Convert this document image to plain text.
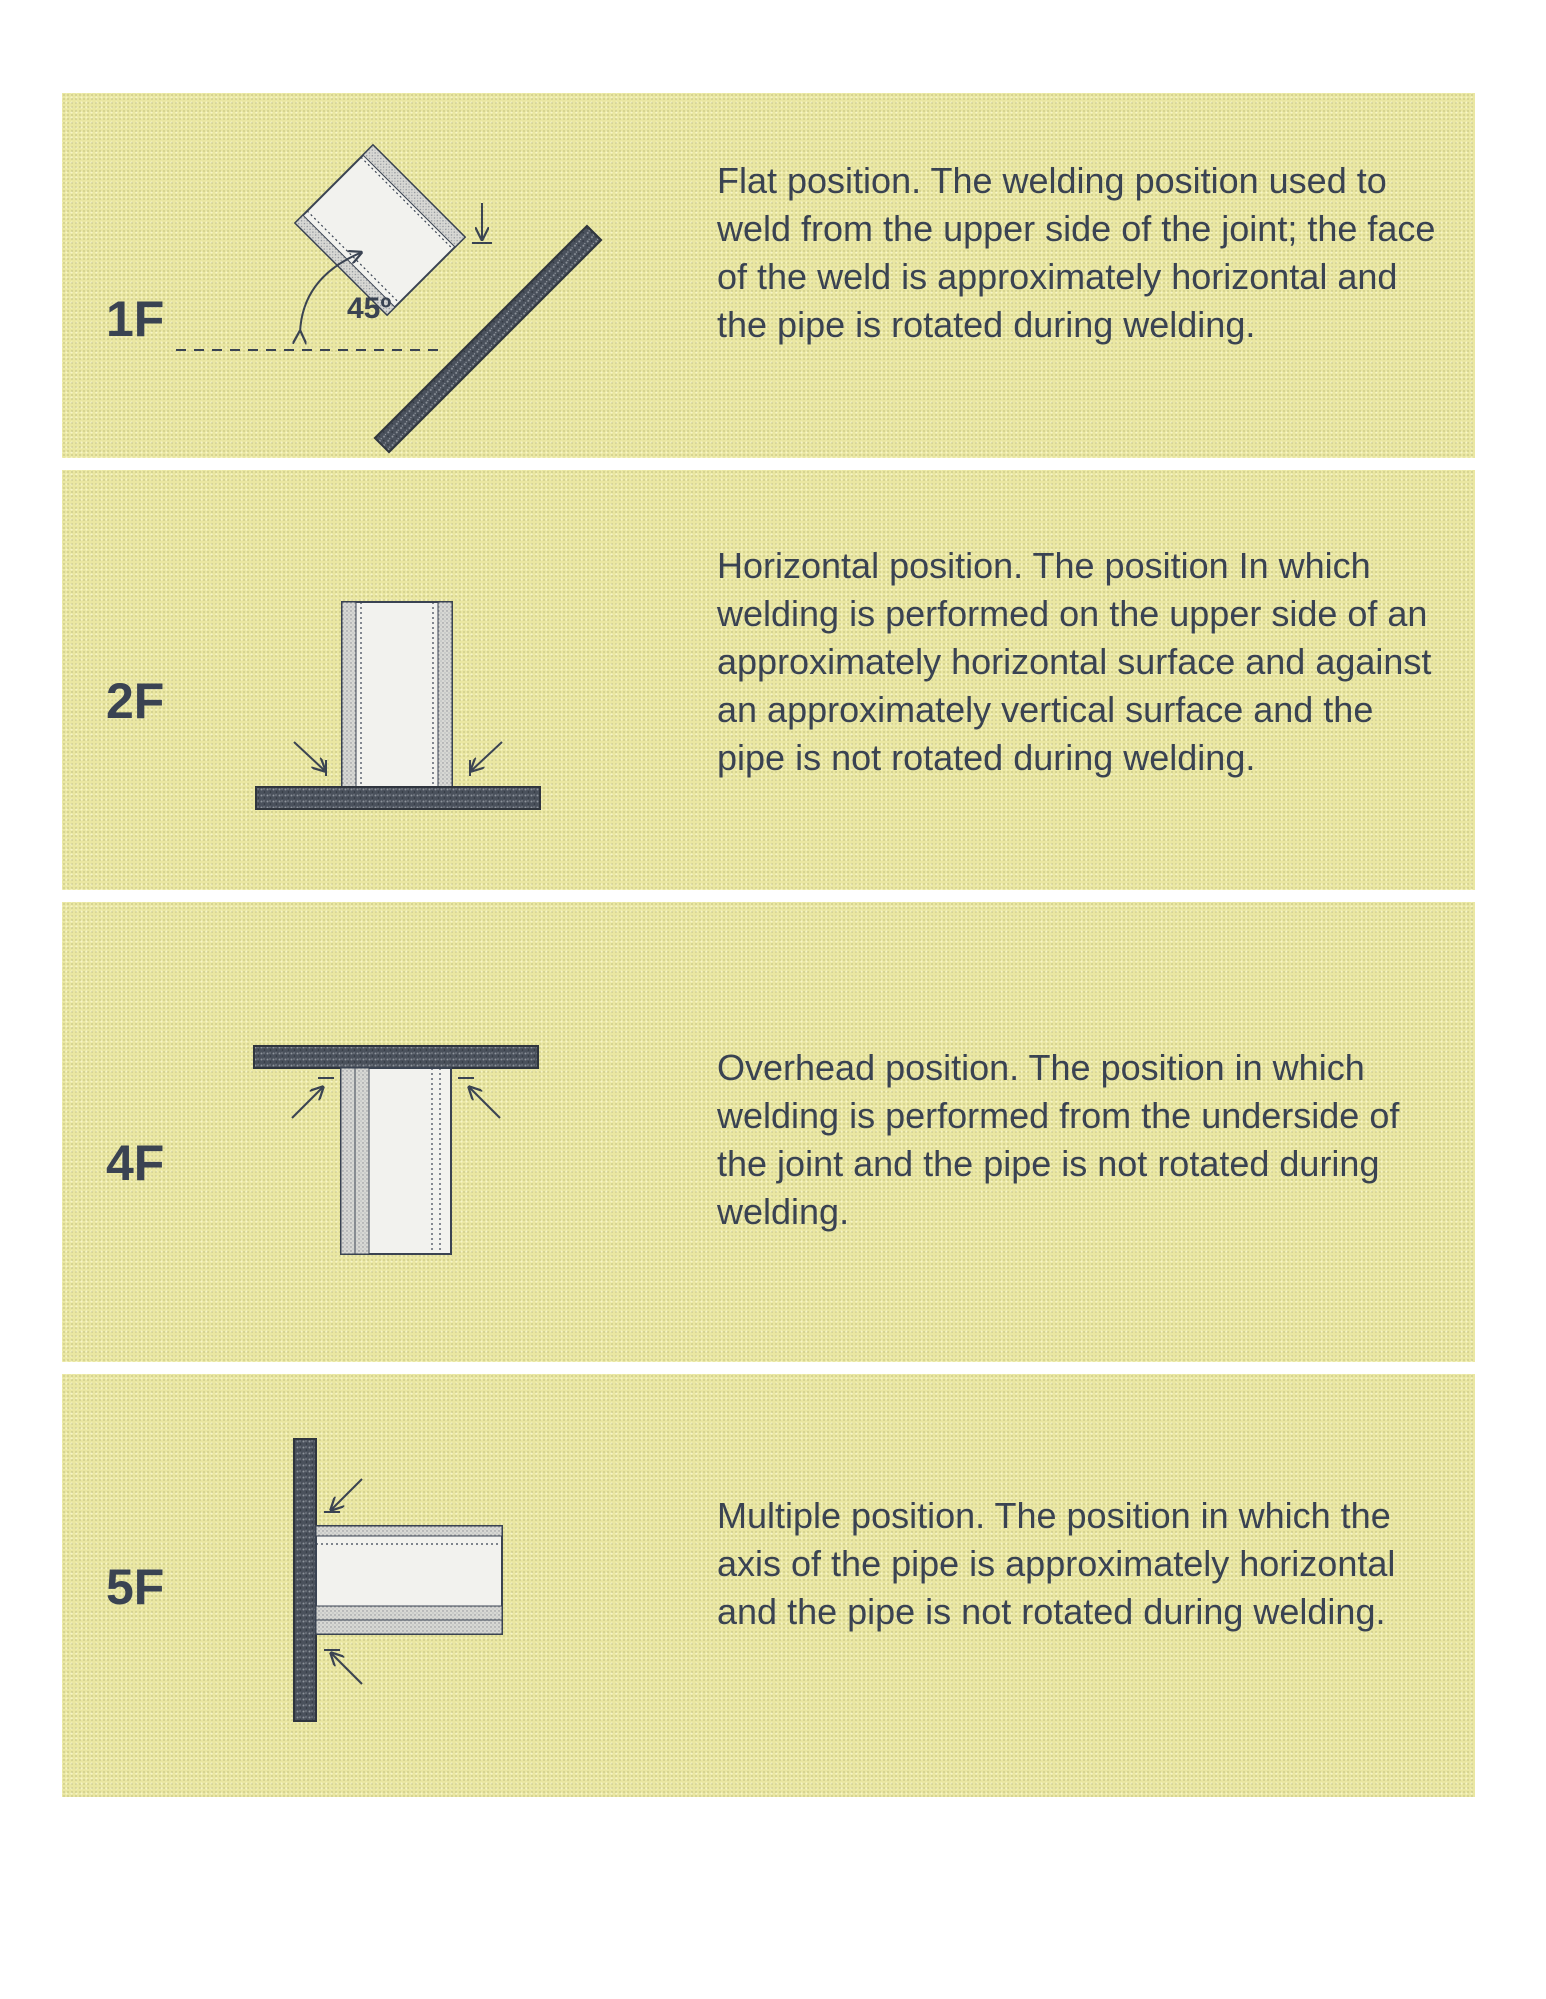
45º
1F
Flat position. The welding position used to weld from the upper side of the joint; the face of the weld is approximately horizontal and the pipe is rotated during welding.
2F
Horizontal position. The position In which welding is performed on the upper side of an approximately horizontal surface and against an approximately vertical surface and the pipe is not rotated during welding.
4F
Overhead position. The position in which welding is performed from the underside of the joint and the pipe is not rotated during welding.
5F
Multiple position. The position in which the axis of the pipe is approximately horizontal and the pipe is not rotated during welding.
